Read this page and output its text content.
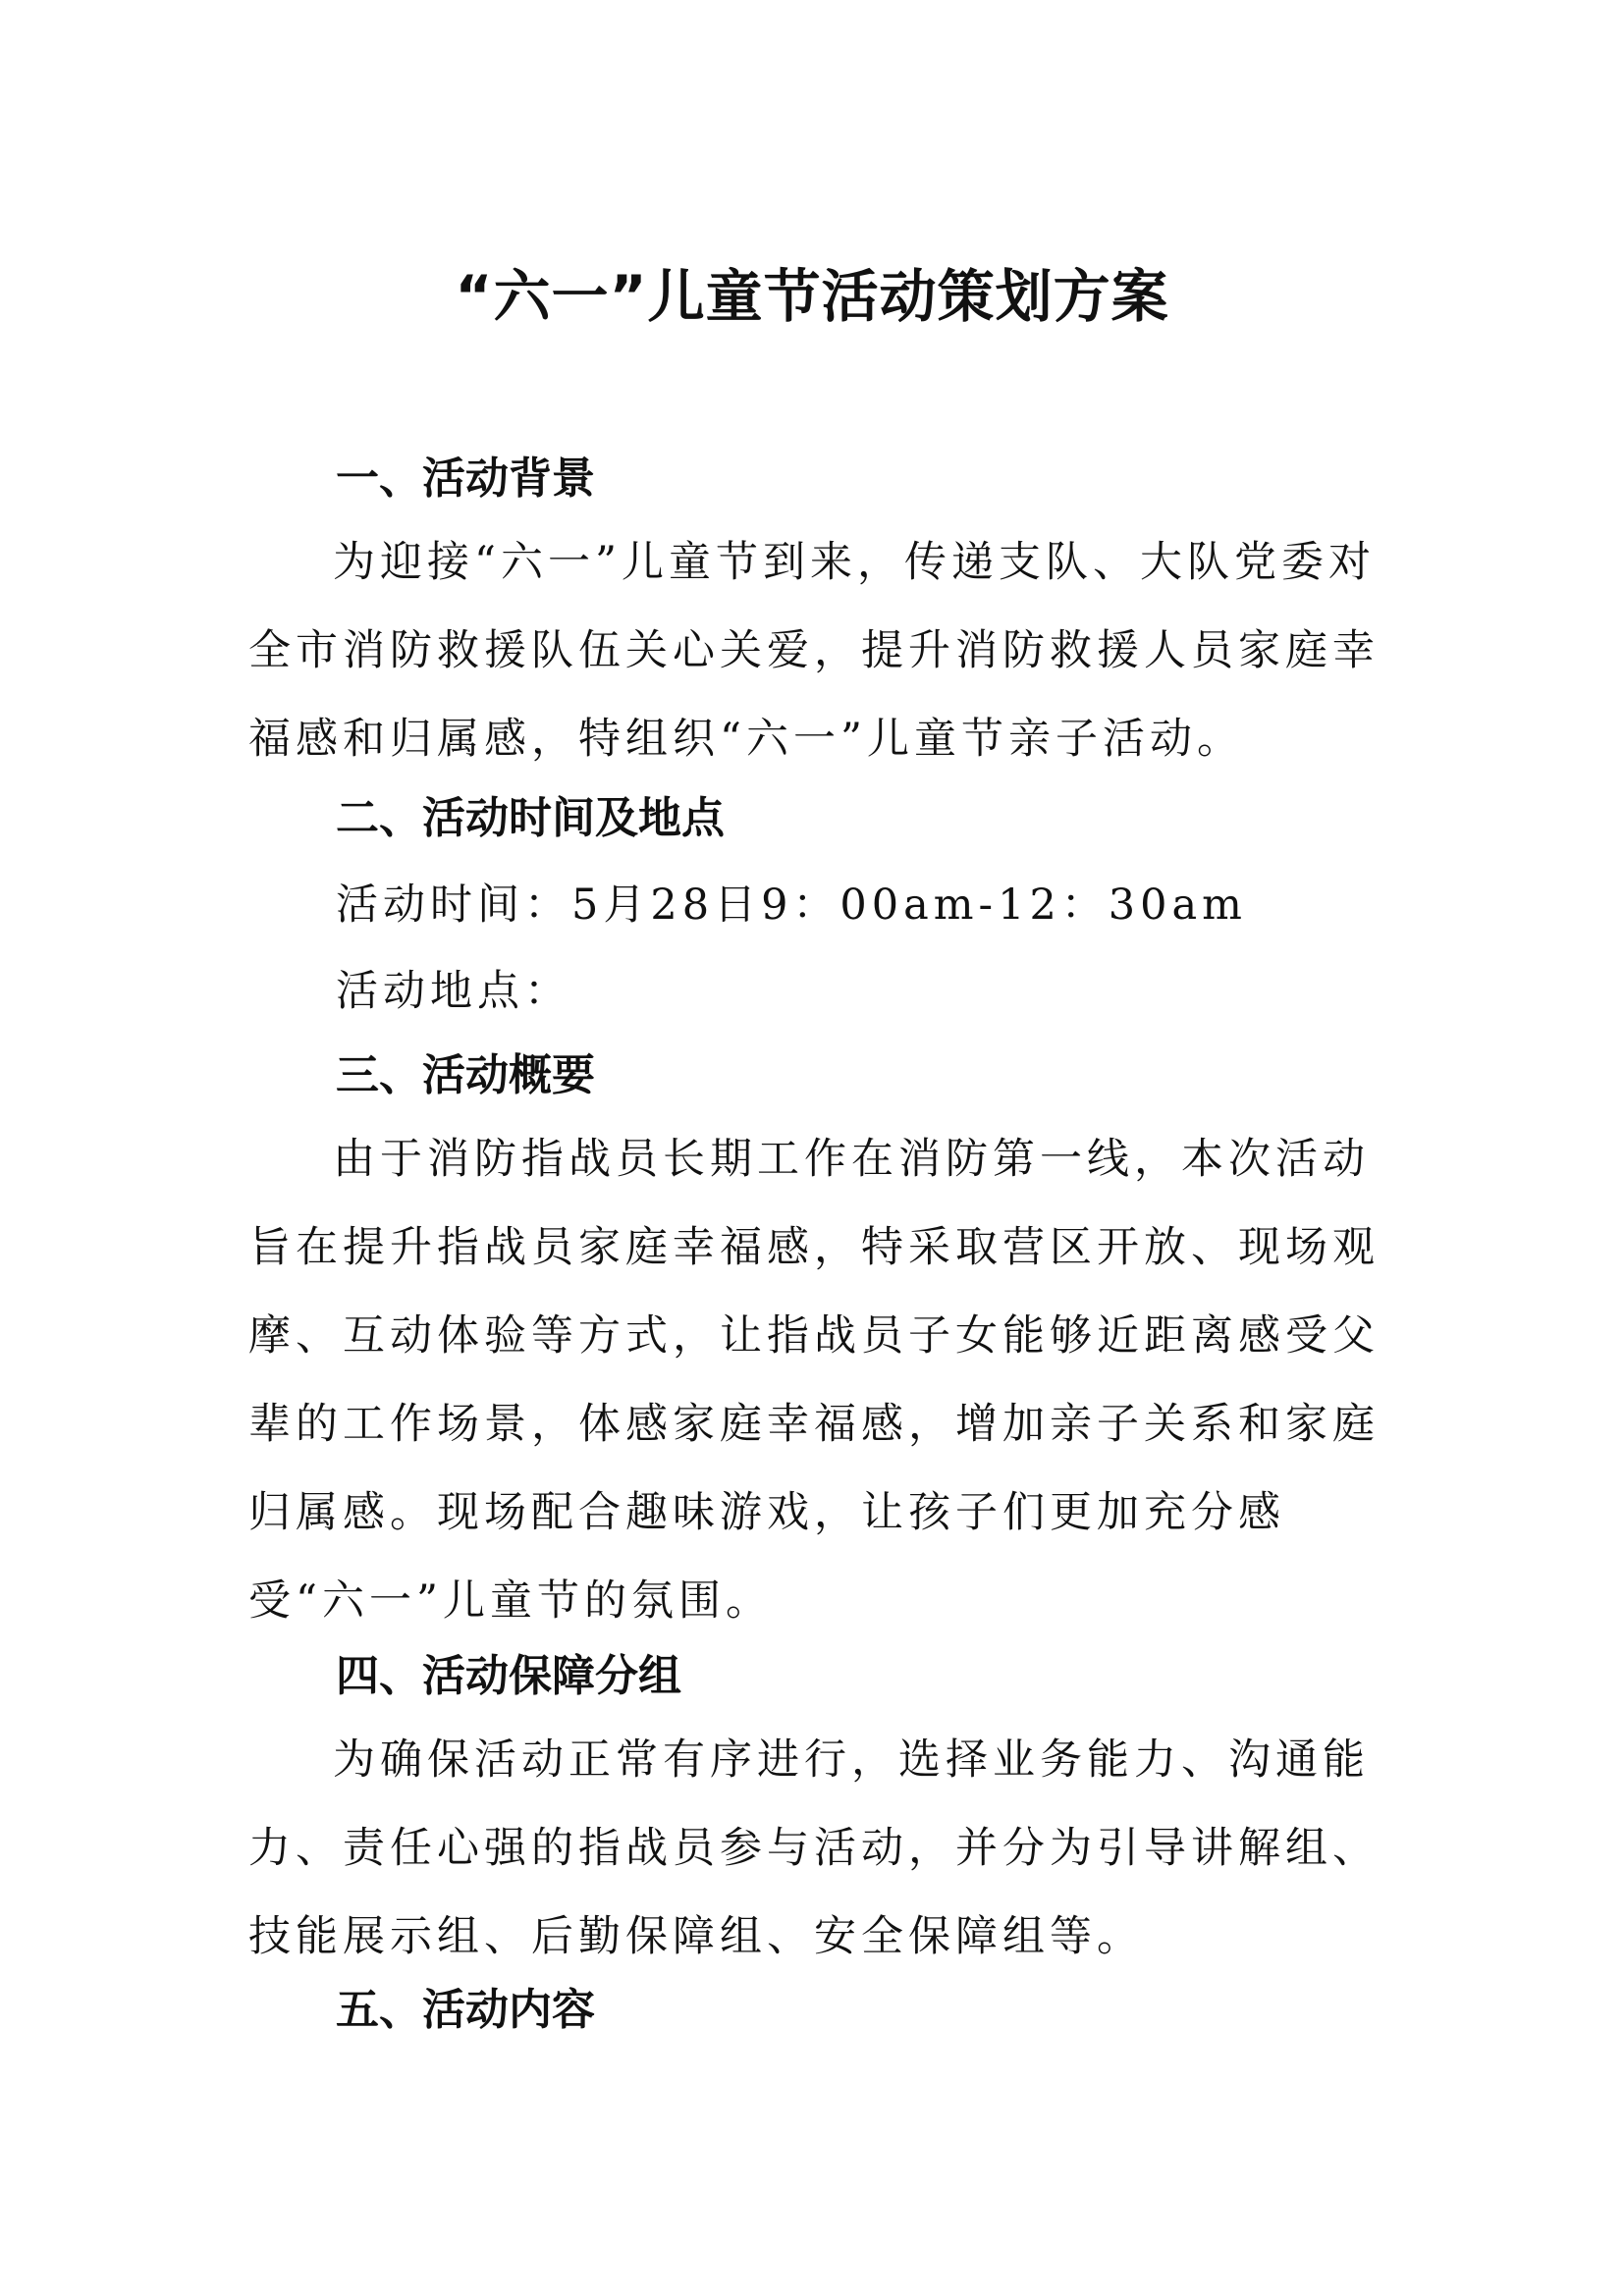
“六一”儿童节活动策划方案
一、活动背景
为迎接“六一”儿童节到来，传递支队、大队党委对全市消防救援队伍关心关爱，提升消防救援人员家庭幸福感和归属感，特组织“六一”儿童节亲子活动。
二、活动时间及地点
活动时间：5月28日9：00am-12：30am
活动地点：
三、活动概要
由于消防指战员长期工作在消防第一线，本次活动旨在提升指战员家庭幸福感，特采取营区开放、现场观摩、互动体验等方式，让指战员子女能够近距离感受父辈的工作场景，体感家庭幸福感，增加亲子关系和家庭归属感。现场配合趣味游戏，让孩子们更加充分感受“六一”儿童节的氛围。
四、活动保障分组
为确保活动正常有序进行，选择业务能力、沟通能力、责任心强的指战员参与活动，并分为引导讲解组、技能展示组、后勤保障组、安全保障组等。
五、活动内容
